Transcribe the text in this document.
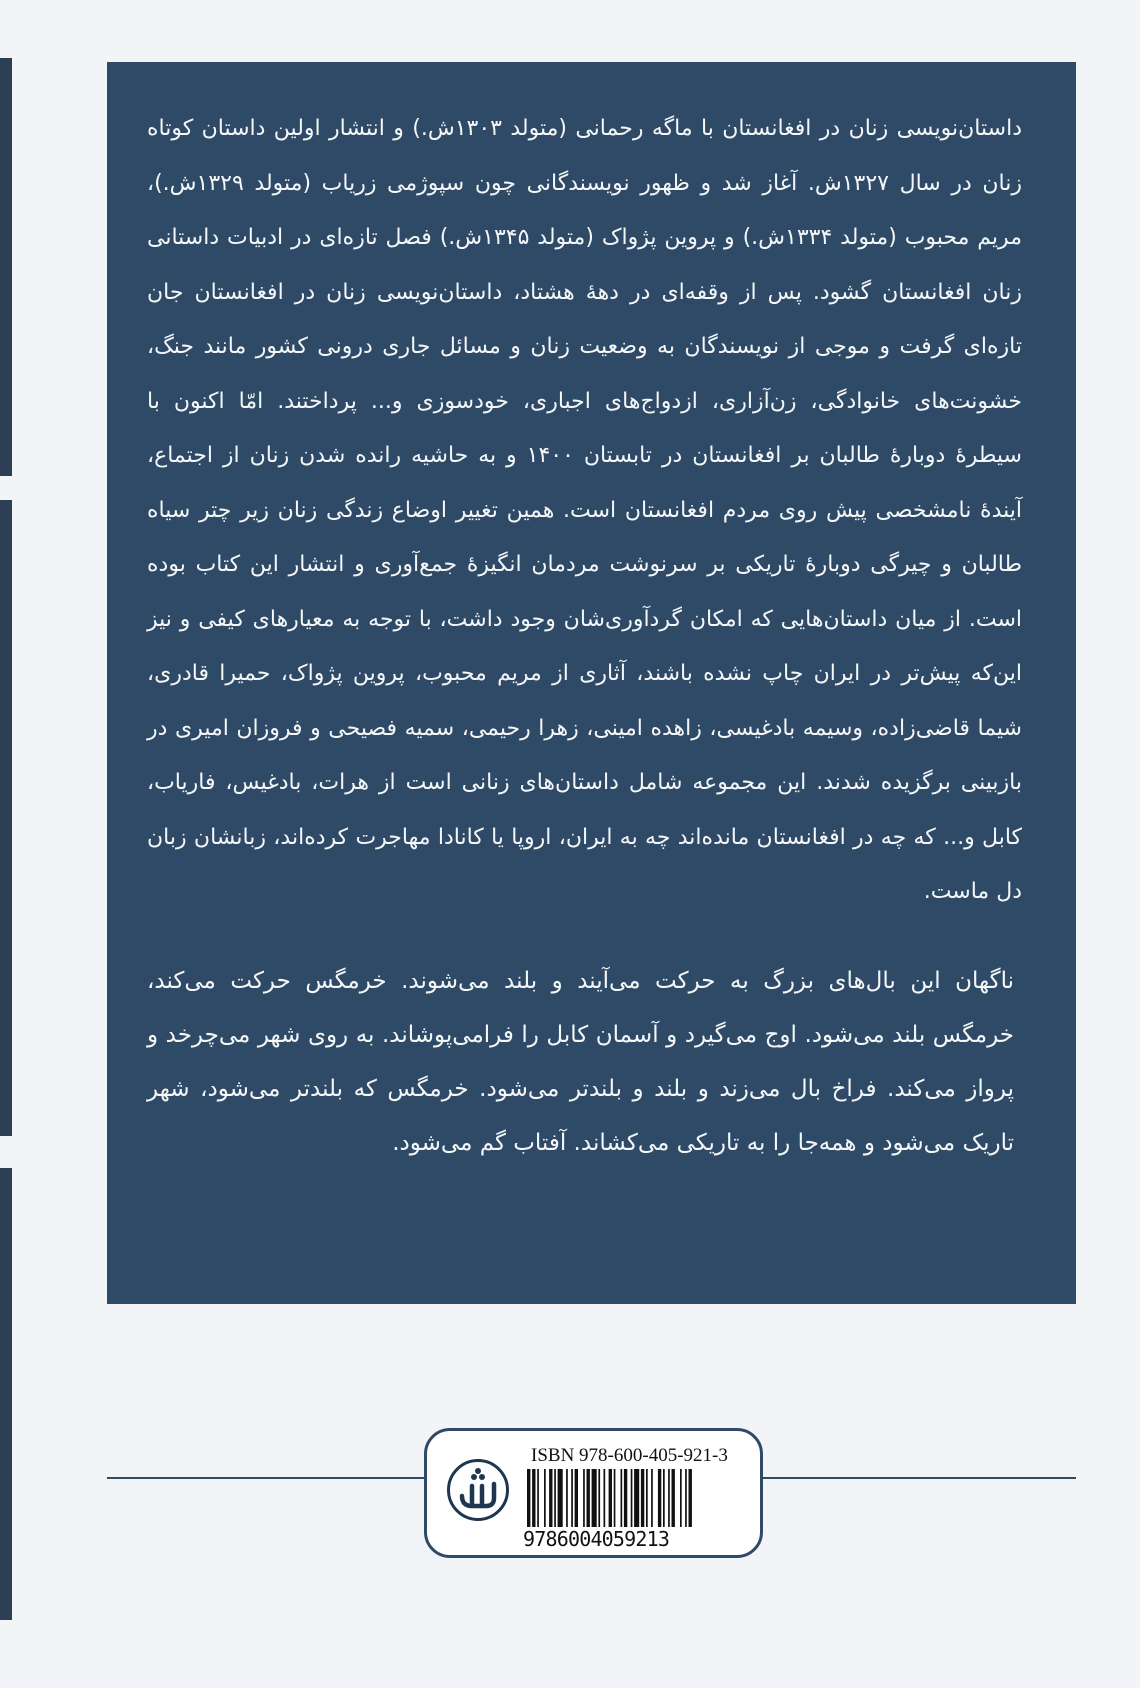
داستان‌نویسی زنان در افغانستان با ماگه رحمانی (متولد ۱۳۰۳ش.) و انتشار اولین داستان کوتاه زنان در سال ۱۳۲۷ش. آغاز شد و ظهور نویسندگانی چون سپوژمی زریاب (متولد ۱۳۲۹ش.)، مریم محبوب (متولد ۱۳۳۴ش.) و پروین پژواک (متولد ۱۳۴۵ش.) فصل تازه‌ای در ادبیات داستانی زنان افغانستان گشود. پس از وقفه‌ای در دههٔ هشتاد، داستان‌نویسی زنان در افغانستان جان تازه‌ای گرفت و موجی از نویسندگان به وضعیت زنان و مسائل جاری درونی کشور مانند جنگ، خشونت‌های خانوادگی، زن‌آزاری، ازدواج‌های اجباری، خودسوزی و... پرداختند. امّا اکنون با سیطرهٔ دوبارهٔ طالبان بر افغانستان در تابستان ۱۴۰۰ و به حاشیه رانده شدن زنان از اجتماع، آیندهٔ نامشخصی پیش روی مردم افغانستان است. همین تغییر اوضاع زندگی زنان زیر چتر سیاه طالبان و چیرگی دوبارهٔ تاریکی بر سرنوشت مردمان انگیزهٔ جمع‌آوری و انتشار این کتاب بوده است. از میان داستان‌هایی که امکان گردآوری‌شان وجود داشت، با توجه به معیارهای کیفی و نیز این‌که پیش‌تر در ایران چاپ نشده باشند، آثاری از مریم محبوب، پروین پژواک، حمیرا قادری، شیما قاضی‌زاده، وسیمه بادغیسی، زاهده امینی، زهرا رحیمی، سمیه فصیحی و فروزان امیری در بازبینی برگزیده شدند. این مجموعه شامل داستان‌های زنانی است از هرات، بادغیس، فاریاب، کابل و... که چه در افغانستان مانده‌اند چه به ایران، اروپا یا کانادا مهاجرت کرده‌اند، زبانشان زبان دل ماست.

ناگهان این بال‌های بزرگ به حرکت می‌آیند و بلند می‌شوند. خرمگس حرکت می‌کند، خرمگس بلند می‌شود. اوج می‌گیرد و آسمان کابل را فرامی‌پوشاند. به روی شهر می‌چرخد و پرواز می‌کند. فراخ بال می‌زند و بلند و بلندتر می‌شود. خرمگس که بلندتر می‌شود، شهر تاریک می‌شود و همه‌جا را به تاریکی می‌کشاند. آفتاب گم می‌شود.

ISBN 978-600-405-921-3
9786004059213
